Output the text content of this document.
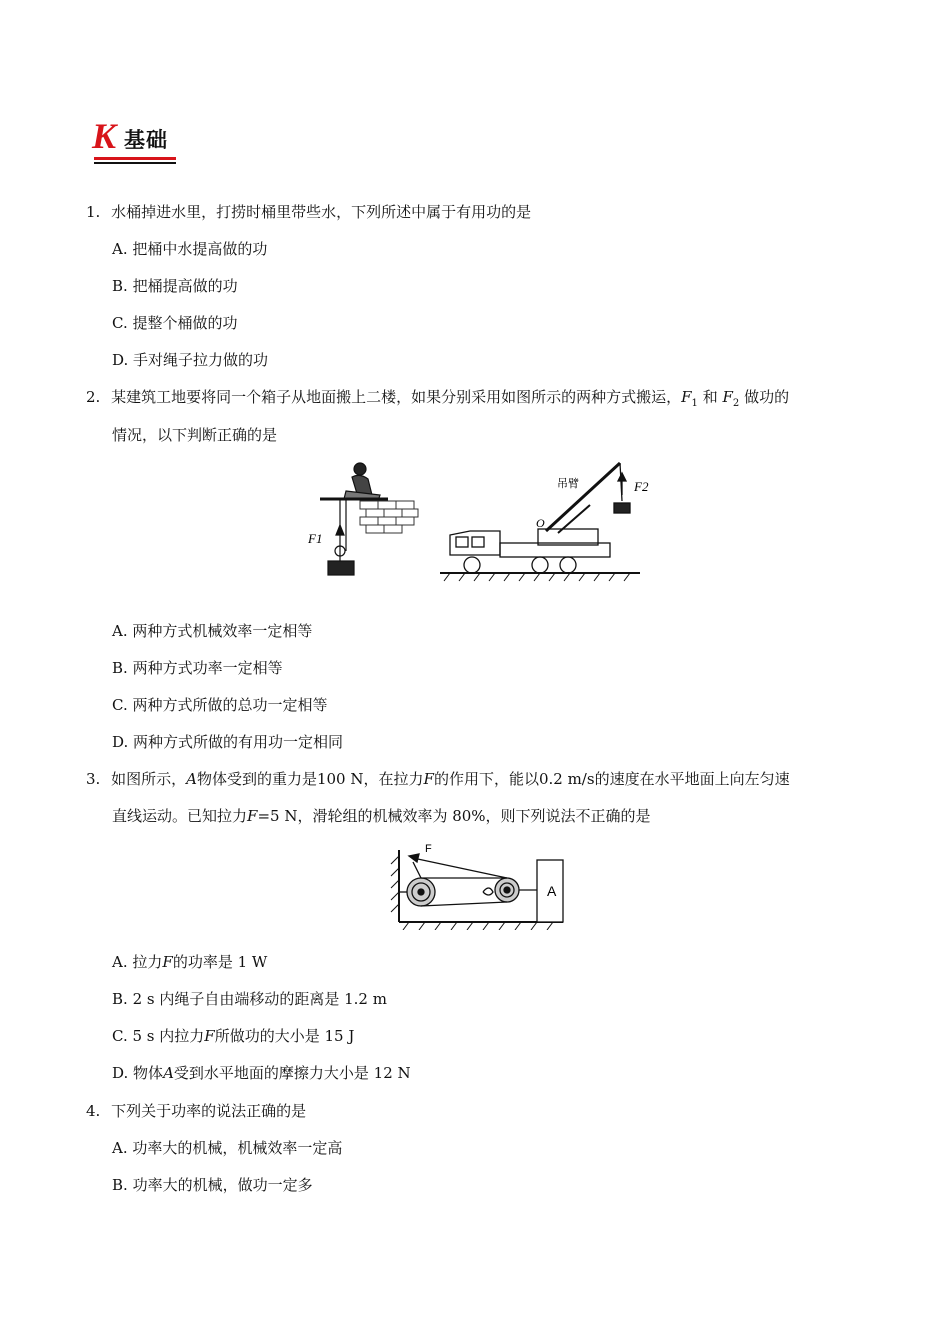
K 基础
1. 水桶掉进水里，打捞时桶里带些水，下列所述中属于有用功的是
A. 把桶中水提高做的功
B. 把桶提高做的功
C. 提整个桶做的功
D. 手对绳子拉力做的功
2. 某建筑工地要将同一个箱子从地面搬上二楼，如果分别采用如图所示的两种方式搬运，$F_1$ 和 $F_2$ 做功的
情况，以下判断正确的是
F1
吊臂	F2
O
A. 两种方式机械效率一定相等
B. 两种方式功率一定相等
C. 两种方式所做的总功一定相等
D. 两种方式所做的有用功一定相同
3. 如图所示，A物体受到的重力是100 N，在拉力F的作用下，能以0.2 m/s的速度在水平地面上向左匀速
直线运动。已知拉力F=5 N，滑轮组的机械效率为 80%，则下列说法不正确的是
F
A
A. 拉力F的功率是 1 W
B. 2 s 内绳子自由端移动的距离是 1.2 m
C. 5 s 内拉力F所做功的大小是 15 J
D. 物体A受到水平地面的摩擦力大小是 12 N
4. 下列关于功率的说法正确的是
A. 功率大的机械，机械效率一定高
B. 功率大的机械，做功一定多
